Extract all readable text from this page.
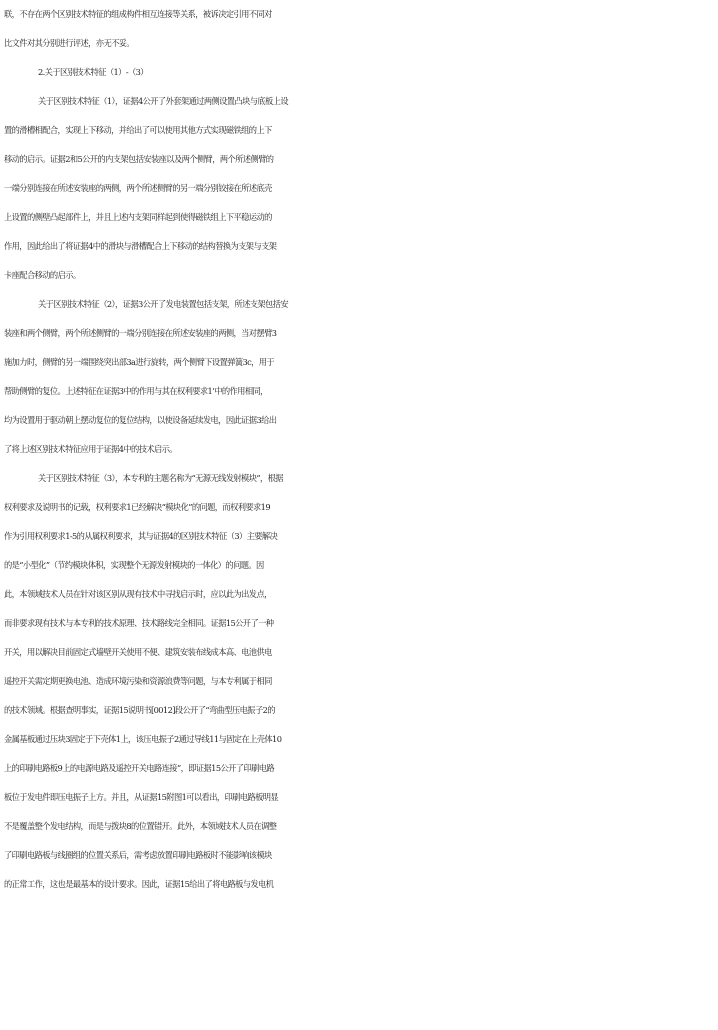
联，不存在两个区别技术特征的组成构件相互连接等关系，被诉决定引用不同对
比文件对其分别进行评述，亦无不妥。

2.关于区别技术特征（1）-（3）

关于区别技术特征（1），证据4公开了外套架通过两侧设置凸块与底板上设
置的滑槽相配合，实现上下移动，并给出了可以使用其他方式实现磁铁组的上下
移动的启示。证据2和5公开的内支架包括安装座以及两个侧臂，两个所述侧臂的
一端分别连接在所述安装座的两侧，两个所述侧臂的另一端分别铰接在所述底壳
上设置的侧壁凸起部件上，并且上述内支架同样起到使得磁铁组上下平稳运动的
作用，因此给出了将证据4中的滑块与滑槽配合上下移动的结构替换为支架与支架
卡座配合移动的启示。

关于区别技术特征（2），证据3公开了发电装置包括支架，所述支架包括安
装座和两个侧臂，两个所述侧臂的一端分别连接在所述安装座的两侧，当对摆臂3
施加力时，侧臂的另一端围绕突出部3a进行旋转，两个侧臂下设置弹簧3c，用于
帮助侧臂的复位。上述特征在证据3中的作用与其在权利要求1’中的作用相同，
均为设置用于驱动朝上摆动复位的复位结构，以使设备延续发电，因此证据3给出
了将上述区别技术特征应用于证据4中的技术启示。

关于区别技术特征（3），本专利的主题名称为“无源无线发射模块”，根据
权利要求及说明书的记载，权利要求1已经解决“模块化”的问题，而权利要求19
作为引用权利要求1-5的从属权利要求，其与证据4的区别技术特征（3）主要解决
的是“小型化”（节约模块体积，实现整个无源发射模块的一体化）的问题。因
此，本领域技术人员在针对该区别从现有技术中寻找启示时，应以此为出发点，
而非要求现有技术与本专利的技术原理、技术路线完全相同。证据15公开了一种
开关，用以解决目前固定式墙壁开关使用不便、建筑安装布线成本高、电池供电
遥控开关需定期更换电池、造成环境污染和资源浪费等问题，与本专利属于相同
的技术领域。根据查明事实，证据15说明书[0012]段公开了“弯曲型压电振子2的
金属基板通过压块3固定于下壳体1上，该压电振子2通过导线11与固定在上壳体10
上的印刷电路板9上的电源电路及遥控开关电路连接”，即证据15公开了印刷电路
板位于发电件即压电振子上方。并且，从证据15附图1可以看出，印刷电路板明显
不是覆盖整个发电结构，而是与拨块8的位置错开。此外，本领域技术人员在调整
了印刷电路板与线圈组的位置关系后，需考虑放置印刷电路板时不能影响该模块
的正常工作，这也是最基本的设计要求。因此，证据15给出了将电路板与发电机
